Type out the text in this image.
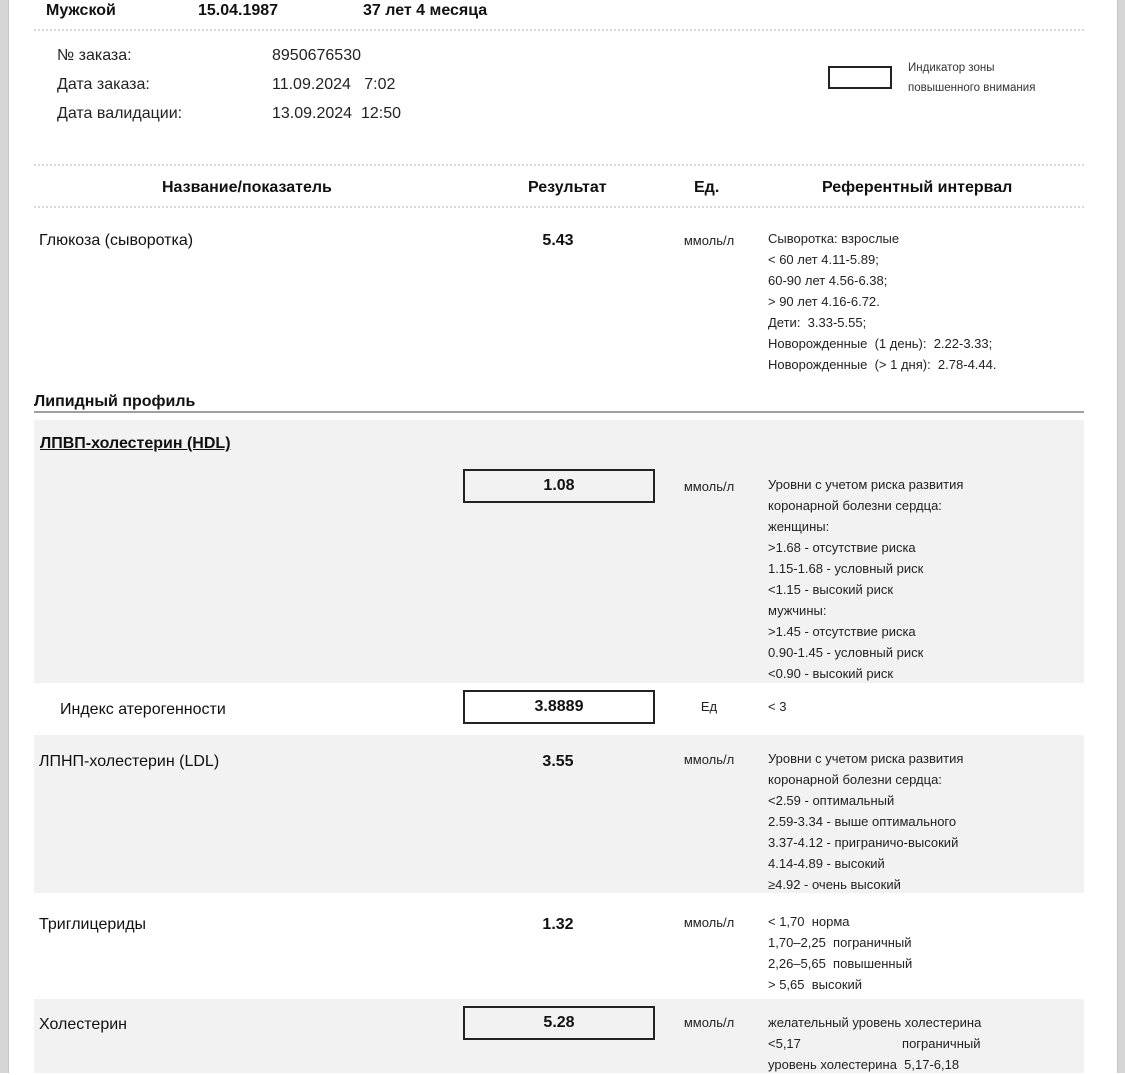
Мужской	15.04.1987	37 лет 4 месяца
№ заказа:	8950676530
Дата заказа:	11.09.2024   7:02
Дата валидации:	13.09.2024  12:50
Индикатор зоны
повышенного внимания
Название/показатель	Результат	Ед.	Референтный интервал
Глюкоза (сыворотка)	5.43	ммоль/л	Сыворотка: взрослые
< 60 лет 4.11-5.89;
60-90 лет 4.56-6.38;
> 90 лет 4.16-6.72.
Дети:  3.33-5.55;
Новорожденные  (1 день):  2.22-3.33;
Новорожденные  (> 1 дня):  2.78-4.44.
Липидный профиль
ЛПВП-холестерин (HDL)
1.08	ммоль/л	Уровни с учетом риска развития
коронарной болезни сердца:
женщины:
>1.68 - отсутствие риска
1.15-1.68 - условный риск
<1.15 - высокий риск
мужчины:
>1.45 - отсутствие риска
0.90-1.45 - условный риск
<0.90 - высокий риск
Индекс атерогенности	3.8889	Ед	< 3
ЛПНП-холестерин (LDL)	3.55	ммоль/л	Уровни с учетом риска развития
коронарной болезни сердца:
<2.59 - оптимальный
2.59-3.34 - выше оптимального
3.37-4.12 - приграничо-высокий
4.14-4.89 - высокий
≥4.92 - очень высокий
Триглицериды	1.32	ммоль/л	< 1,70  норма
1,70–2,25  пограничный
2,26–5,65  повышенный
> 5,65  высокий
Холестерин	5.28	ммоль/л	желательный уровень холестерина
<5,17                            пограничный
уровень холестерина  5,17-6,18
